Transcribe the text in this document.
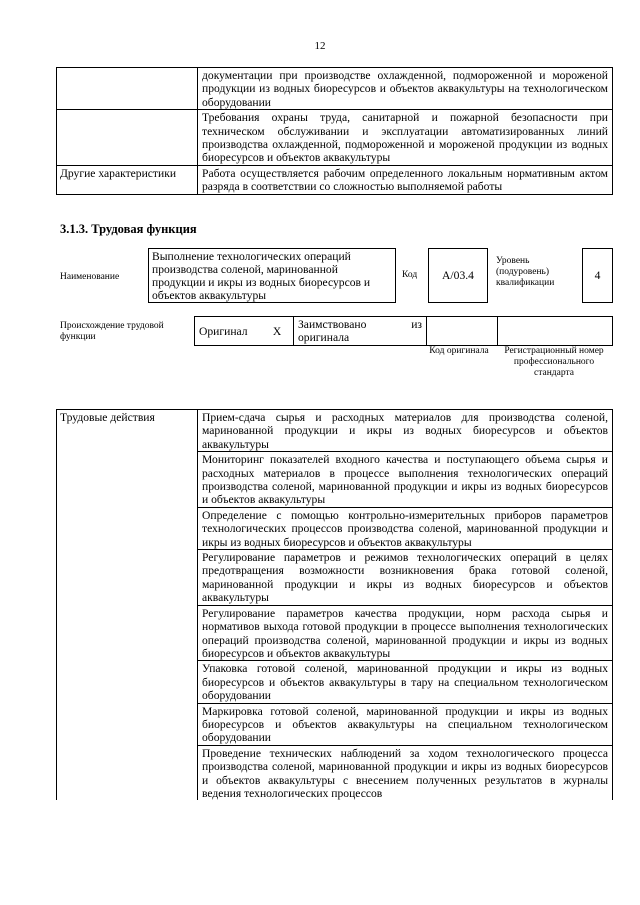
12
	документации при производстве охлажденной, подмороженной и мороженой продукции из водных биоресурсов и объектов аквакультуры на технологическом оборудовании
	Требования охраны труда, санитарной и пожарной безопасности при техническом обслуживании и эксплуатации автоматизированных линий производства охлажденной, подмороженной и мороженой продукции из водных биоресурсов и объектов аквакультуры
Другие характеристики	Работа осуществляется рабочим определенного локальным нормативным актом разряда в соответствии со сложностью выполняемой работы
3.1.3. Трудовая функция
Наименование
Выполнение технологических операций производства соленой, маринованной продукции и икры из водных биоресурсов и объектов аквакультуры
Код A/03.4
Уровень (подуровень) квалификации
4
Происхождение трудовой функции	Оригинал	X	Заимствовано из оригинала		
Код оригинала	Регистрационный номер профессионального стандарта
Трудовые действия	Прием-сдача сырья и расходных материалов для производства соленой, маринованной продукции и икры из водных биоресурсов и объектов аквакультуры
Мониторинг показателей входного качества и поступающего объема сырья и расходных материалов в процессе выполнения технологических операций производства соленой, маринованной продукции и икры из водных биоресурсов и объектов аквакультуры
Определение с помощью контрольно-измерительных приборов параметров технологических процессов производства соленой, маринованной продукции и икры из водных биоресурсов и объектов аквакультуры
Регулирование параметров и режимов технологических операций в целях предотвращения возможности возникновения брака готовой соленой, маринованной продукции и икры из водных биоресурсов и объектов аквакультуры
Регулирование параметров качества продукции, норм расхода сырья и нормативов выхода готовой продукции в процессе выполнения технологических операций производства соленой, маринованной продукции и икры из водных биоресурсов и объектов аквакультуры
Упаковка готовой соленой, маринованной продукции и икры из водных биоресурсов и объектов аквакультуры в тару на специальном технологическом оборудовании
Маркировка готовой соленой, маринованной продукции и икры из водных биоресурсов и объектов аквакультуры на специальном технологическом оборудовании
Проведение технических наблюдений за ходом технологического процесса производства соленой, маринованной продукции и икры из водных биоресурсов и объектов аквакультуры с внесением полученных результатов в журналы ведения технологических процессов
